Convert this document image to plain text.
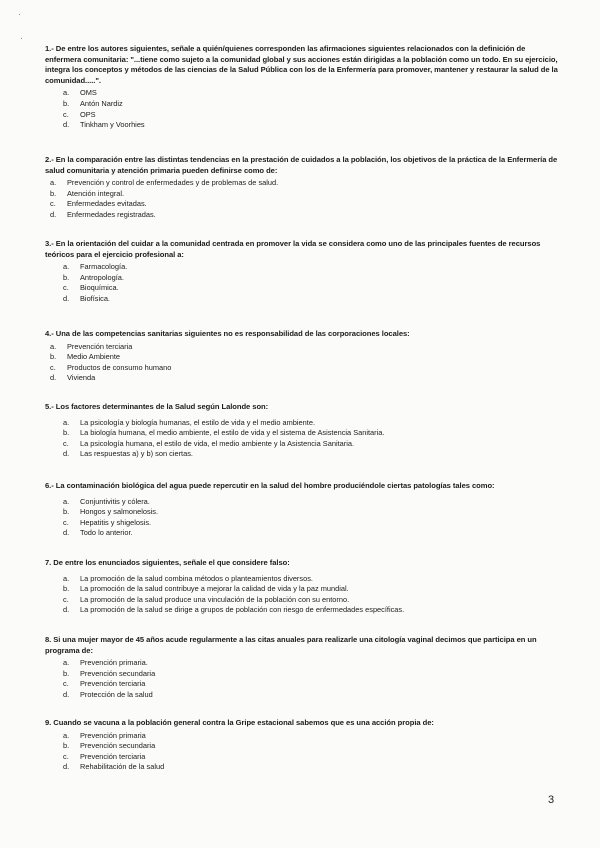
·
·

1.- De entre los autores siguientes, señale a quién/quienes corresponden las afirmaciones siguientes relacionados con la definición de enfermera comunitaria: "...tiene como sujeto a la comunidad global y sus acciones están dirigidas a la población como un todo. En su ejercicio, integra los conceptos y métodos de las ciencias de la Salud Pública con los de la Enfermería para promover, mantener y restaurar la salud de la comunidad.....".

a.	OMS
b.	Antón Nardiz
c.	OPS
d.	Tinkham y Voorhies

2.- En la comparación entre las distintas tendencias en la prestación de cuidados a la población, los objetivos de la práctica de la Enfermería de salud comunitaria y atención primaria pueden definirse como de:

a.	Prevención y control de enfermedades y de problemas de salud.
b.	Atención integral.
c.	Enfermedades evitadas.
d.	Enfermedades registradas.

3.- En la orientación del cuidar a la comunidad centrada en promover la vida se considera como uno de las principales fuentes de recursos teóricos para el ejercicio profesional a:

a.	Farmacología.
b.	Antropología.
c.	Bioquímica.
d.	Biofísica.

4.- Una de las competencias sanitarias siguientes no es responsabilidad de las corporaciones locales:

a.	Prevención terciaria
b.	Medio Ambiente
c.	Productos de consumo humano
d.	Vivienda

5.- Los factores determinantes de la Salud según Lalonde son:

a.	La psicología y biología humanas, el estilo de vida y el medio ambiente.
b.	La biología humana, el medio ambiente, el estilo de vida y el sistema de Asistencia Sanitaria.
c.	La psicología humana, el estilo de vida, el medio ambiente y la Asistencia Sanitaria.
d.	Las respuestas a) y b) son ciertas.

6.- La contaminación biológica del agua puede repercutir en la salud del hombre produciéndole ciertas patologías tales como:

a.	Conjuntivitis y cólera.
b.	Hongos y salmonelosis.
c.	Hepatitis y shigelosis.
d.	Todo lo anterior.

7. De entre los enunciados siguientes, señale el que considere falso:

a.	La promoción de la salud combina métodos o planteamientos diversos.
b.	La promoción de la salud contribuye a mejorar la calidad de vida y la paz mundial.
c.	La promoción de la salud produce una vinculación de la población con su entorno.
d.	La promoción de la salud se dirige a grupos de población con riesgo de enfermedades específicas.

8. Si una mujer mayor de 45 años acude regularmente a las citas anuales para realizarle una citología vaginal decimos que participa en un programa de:

a.	Prevención primaria.
b.	Prevención secundaria
c.	Prevención terciaria
d.	Protección de la salud

9. Cuando se vacuna a la población general contra la Gripe estacional sabemos que es una acción propia de:

a.	Prevención primaria
b.	Prevención secundaria
c.	Prevención terciaria
d.	Rehabilitación de la salud
3
